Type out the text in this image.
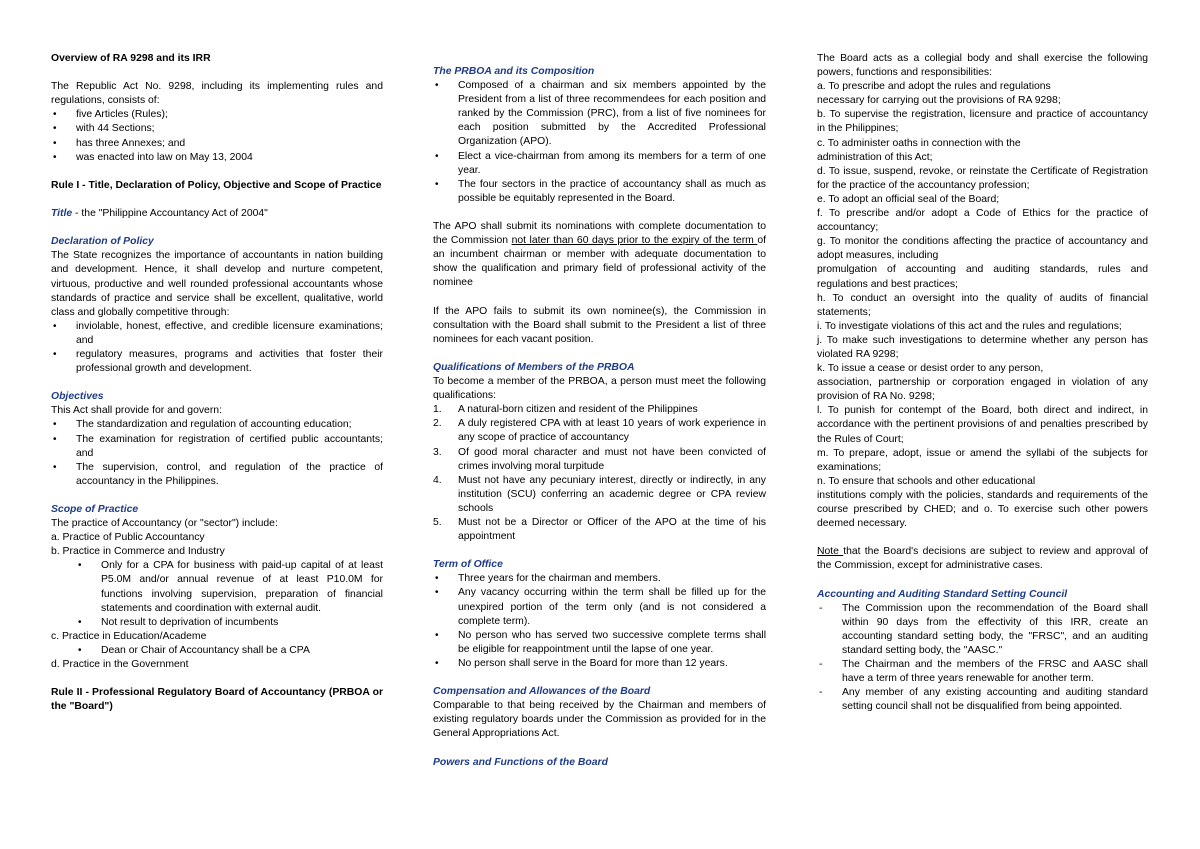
Overview of RA 9298 and its IRR
The Republic Act No. 9298, including its implementing rules and regulations, consists of:
• five Articles (Rules);
• with 44 Sections;
• has three Annexes; and
• was enacted into law on May 13, 2004
Rule I - Title, Declaration of Policy, Objective and Scope of Practice
Title - the "Philippine Accountancy Act of 2004"
Declaration of Policy
The State recognizes the importance of accountants in nation building and development. Hence, it shall develop and nurture competent, virtuous, productive and well rounded professional accountants whose standards of practice and service shall be excellent, qualitative, world class and globally competitive through:
• inviolable, honest, effective, and credible licensure examinations; and
• regulatory measures, programs and activities that foster their professional growth and development.
Objectives
This Act shall provide for and govern:
• The standardization and regulation of accounting education;
• The examination for registration of certified public accountants; and
• The supervision, control, and regulation of the practice of accountancy in the Philippines.
Scope of Practice
The practice of Accountancy (or "sector") include:
a. Practice of Public Accountancy
b. Practice in Commerce and Industry
• Only for a CPA for business with paid-up capital of at least P5.0M and/or annual revenue of at least P10.0M for functions involving supervision, preparation of financial statements and coordination with external audit.
• Not result to deprivation of incumbents
c. Practice in Education/Academe
• Dean or Chair of Accountancy shall be a CPA
d. Practice in the Government
Rule II - Professional Regulatory Board of Accountancy (PRBOA or the "Board")
The PRBOA and its Composition
• Composed of a chairman and six members appointed by the President from a list of three recommendees for each position and ranked by the Commission (PRC), from a list of five nominees for each position submitted by the Accredited Professional Organization (APO).
• Elect a vice-chairman from among its members for a term of one year.
• The four sectors in the practice of accountancy shall as much as possible be equitably represented in the Board.
The APO shall submit its nominations with complete documentation to the Commission not later than 60 days prior to the expiry of the term of an incumbent chairman or member with adequate documentation to show the qualification and primary field of professional activity of the nominee
If the APO fails to submit its own nominee(s), the Commission in consultation with the Board shall submit to the President a list of three nominees for each vacant position.
Qualifications of Members of the PRBOA
To become a member of the PRBOA, a person must meet the following qualifications:
1. A natural-born citizen and resident of the Philippines
2. A duly registered CPA with at least 10 years of work experience in any scope of practice of accountancy
3. Of good moral character and must not have been convicted of crimes involving moral turpitude
4. Must not have any pecuniary interest, directly or indirectly, in any institution (SCU) conferring an academic degree or CPA review schools
5. Must not be a Director or Officer of the APO at the time of his appointment
Term of Office
• Three years for the chairman and members.
• Any vacancy occurring within the term shall be filled up for the unexpired portion of the term only (and is not considered a complete term).
• No person who has served two successive complete terms shall be eligible for reappointment until the lapse of one year.
• No person shall serve in the Board for more than 12 years.
Compensation and Allowances of the Board
Comparable to that being received by the Chairman and members of existing regulatory boards under the Commission as provided for in the General Appropriations Act.
Powers and Functions of the Board
The Board acts as a collegial body and shall exercise the following powers, functions and responsibilities:
a. To prescribe and adopt the rules and regulations
necessary for carrying out the provisions of RA 9298;
b. To supervise the registration, licensure and practice of accountancy in the Philippines;
c. To administer oaths in connection with the
administration of this Act;
d. To issue, suspend, revoke, or reinstate the Certificate of Registration for the practice of the accountancy profession;
e. To adopt an official seal of the Board;
f. To prescribe and/or adopt a Code of Ethics for the practice of accountancy;
g. To monitor the conditions affecting the practice of accountancy and adopt measures, including
promulgation of accounting and auditing standards, rules and regulations and best practices;
h. To conduct an oversight into the quality of audits of financial statements;
i. To investigate violations of this act and the rules and regulations;
j. To make such investigations to determine whether any person has violated RA 9298;
k. To issue a cease or desist order to any person,
association, partnership or corporation engaged in violation of any provision of RA No. 9298;
l. To punish for contempt of the Board, both direct and indirect, in accordance with the pertinent provisions of and penalties prescribed by the Rules of Court;
m. To prepare, adopt, issue or amend the syllabi of the subjects for examinations;
n. To ensure that schools and other educational
institutions comply with the policies, standards and requirements of the course prescribed by CHED; and o. To exercise such other powers deemed necessary.
Note that the Board's decisions are subject to review and approval of the Commission, except for administrative cases.
Accounting and Auditing Standard Setting Council
- The Commission upon the recommendation of the Board shall within 90 days from the effectivity of this IRR, create an accounting standard setting body, the "FRSC", and an auditing standard setting body, the "AASC."
- The Chairman and the members of the FRSC and AASC shall have a term of three years renewable for another term.
- Any member of any existing accounting and auditing standard setting council shall not be disqualified from being appointed.
